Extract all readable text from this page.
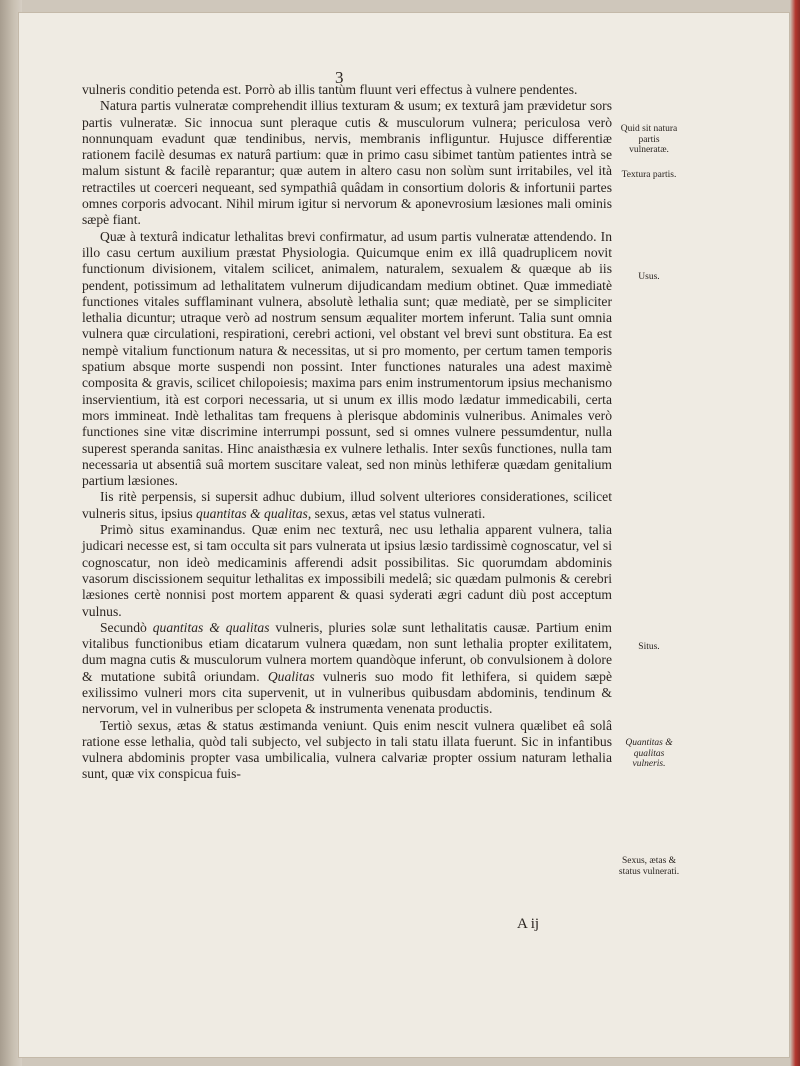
3

vulneris conditio petenda est. Porrò ab illis tantùm fluunt veri effectus à vulnere pendentes.

Natura partis vulneratæ comprehendit illius texturam & usum; ex texturâ jam prævidetur sors partis vulneratæ. Sic innocua sunt pleraque cutis & musculorum vulnera; periculosa verò nonnunquam evadunt quæ tendinibus, nervis, membranis infliguntur. Hujusce differentiæ rationem facilè desumas ex naturâ partium: quæ in primo casu sibimet tantùm patientes intrà se malum sistunt & facilè reparantur; quæ autem in altero casu non solùm sunt irritabiles, vel ità retractiles ut coerceri nequeant, sed sympathiâ quâdam in consortium doloris & infortunii partes omnes corporis advocant. Nihil mirum igitur si nervorum & aponevrosium læsiones mali ominis sæpè fiant.

Quæ à texturâ indicatur lethalitas brevi confirmatur, ad usum partis vulneratæ attendendo. In illo casu certum auxilium præstat Physiologia. Quicumque enim ex illâ quadruplicem novit functionum divisionem, vitalem scilicet, animalem, naturalem, sexualem & quæque ab iis pendent, potissimum ad lethalitatem vulnerum dijudicandam medium obtinet. Quæ immediatè functiones vitales sufflaminant vulnera, absolutè lethalia sunt; quæ mediatè, per se simpliciter lethalia dicuntur; utraque verò ad nostrum sensum æqualiter mortem inferunt. Talia sunt omnia vulnera quæ circulationi, respirationi, cerebri actioni, vel obstant vel brevi sunt obstitura. Ea est nempè vitalium functionum natura & necessitas, ut si pro momento, per certum tamen temporis spatium absque morte suspendi non possint. Inter functiones naturales una adest maximè composita & gravis, scilicet chilopoiesis; maxima pars enim instrumentorum ipsius mechanismo inservientium, ità est corpori necessaria, ut si unum ex illis modo lædatur immedicabili, certa mors immineat. Indè lethalitas tam frequens à plerisque abdominis vulneribus. Animales verò functiones sine vitæ discrimine interrumpi possunt, sed si omnes vulnere pessumdentur, nulla superest speranda sanitas. Hinc anaisthæsia ex vulnere lethalis. Inter sexûs functiones, nulla tam necessaria ut absentiâ suâ mortem suscitare valeat, sed non minùs lethiferæ quædam genitalium partium læsiones.

Iis ritè perpensis, si supersit adhuc dubium, illud solvent ulteriores considerationes, scilicet vulneris situs, ipsius quantitas & qualitas, sexus, ætas vel status vulnerati.

Primò situs examinandus. Quæ enim nec texturâ, nec usu lethalia apparent vulnera, talia judicari necesse est, si tam occulta sit pars vulnerata ut ipsius læsio tardissimè cognoscatur, vel si cognoscatur, non ideò medicaminis afferendi adsit possibilitas. Sic quorumdam abdominis vasorum discissionem sequitur lethalitas ex impossibili medelâ; sic quædam pulmonis & cerebri læsiones certè nonnisi post mortem apparent & quasi syderati ægri cadunt diù post acceptum vulnus.

Secundò quantitas & qualitas vulneris, pluries solæ sunt lethalitatis causæ. Partium enim vitalibus functionibus etiam dicatarum vulnera quædam, non sunt lethalia propter exilitatem, dum magna cutis & musculorum vulnera mortem quandòque inferunt, ob convulsionem à dolore & mutatione subitâ oriundam. Qualitas vulneris suo modo fit lethifera, si quidem sæpè exilissimo vulneri mors cita supervenit, ut in vulneribus quibusdam abdominis, tendinum & nervorum, vel in vulneribus per sclopeta & instrumenta venenata productis.

Tertiò sexus, ætas & status æstimanda veniunt. Quis enim nescit vulnera quælibet eâ solâ ratione esse lethalia, quòd tali subjecto, vel subjecto in tali statu illata fuerunt. Sic in infantibus vulnera abdominis propter vasa umbilicalia, vulnera calvariæ propter ossium naturam lethalia sunt, quæ vix conspicua fuis-

Quid sit natura partis vulneratæ.
Textura partis.
Usus.
Situs.
Quantitas & qualitas vulneris.
Sexus, ætas & status vulnerati.
A ij
